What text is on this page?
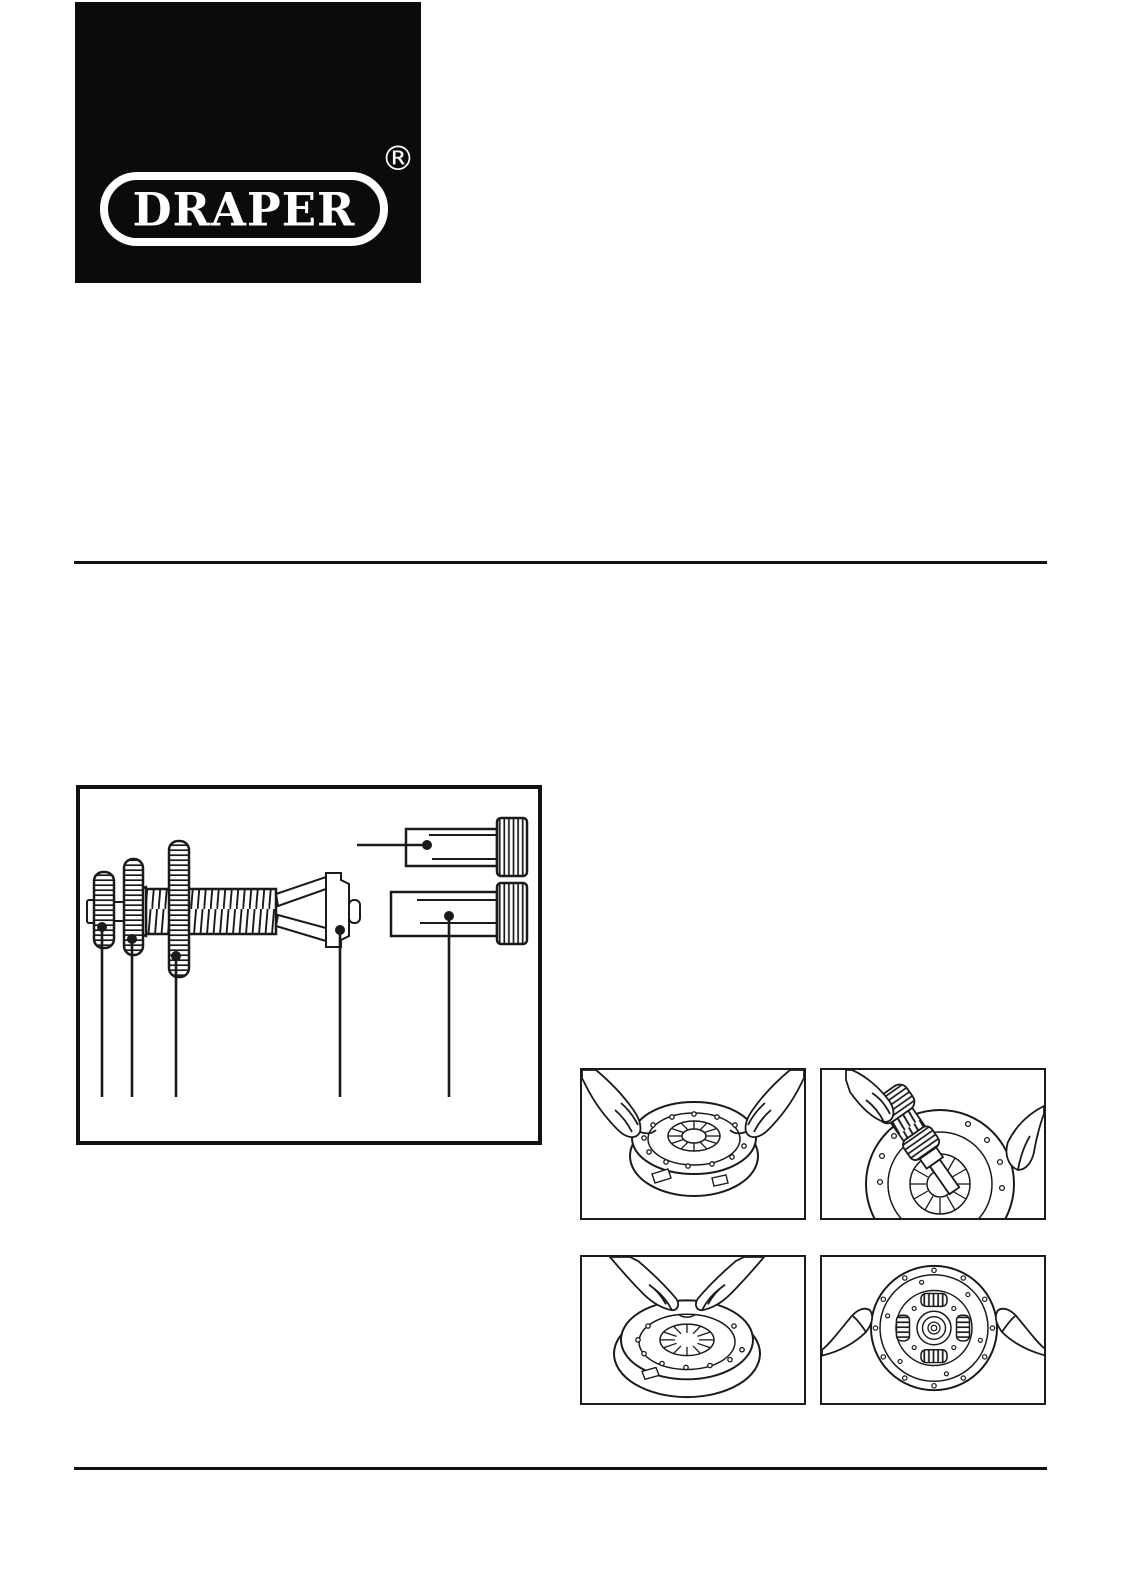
DRAPER
®
